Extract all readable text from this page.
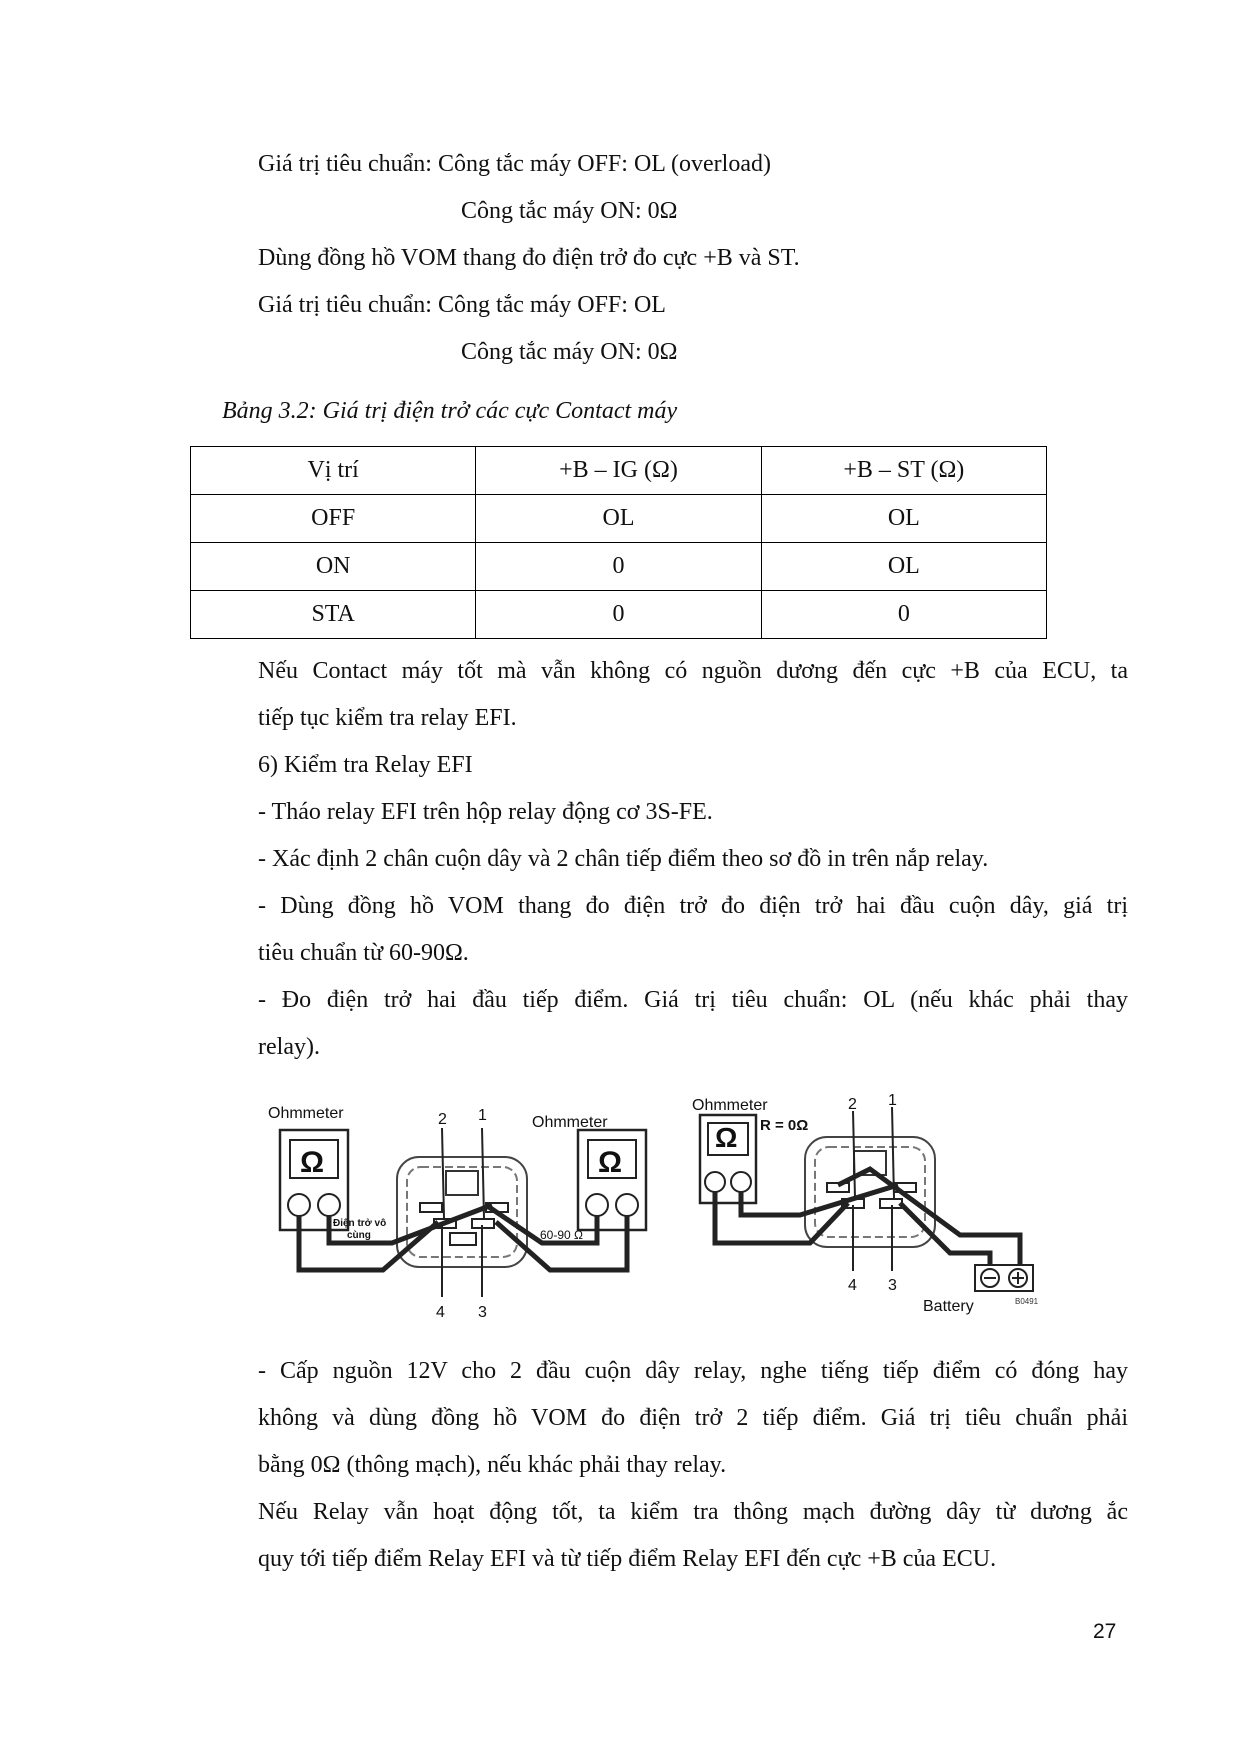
Giá trị tiêu chuẩn: Công tắc máy OFF: OL (overload)
Công tắc máy ON: 0Ω
Dùng đồng hồ VOM thang đo điện trở đo cực +B và ST.
Giá trị tiêu chuẩn: Công tắc máy OFF: OL
Công tắc máy ON: 0Ω
Bảng 3.2: Giá trị điện trở các cực Contact máy
Vị trí	+B – IG (Ω)	+B – ST (Ω)
OFF	OL	OL
ON	0	OL
STA	0	0
Nếu Contact máy tốt mà vẫn không có nguồn dương đến cực +B của ECU, ta
tiếp tục kiểm tra relay EFI.
6) Kiểm tra Relay EFI
- Tháo relay EFI trên hộp relay động cơ 3S-FE.
- Xác định 2 chân cuộn dây và 2 chân tiếp điểm theo sơ đồ in trên nắp relay.
- Dùng đồng hồ VOM thang đo điện trở đo điện trở hai đầu cuộn dây, giá trị
tiêu chuẩn từ 60-90Ω.
- Đo điện trở hai đầu tiếp điểm. Giá trị tiêu chuẩn: OL (nếu khác phải thay
relay).
Ohmmeter
Ohmmeter
Ω	Ω
2 1
4 3
Điện trở vô
cùng	60-90 Ω
Ohmmeter
Ω R = 0Ω
2 1
4 3
Battery	B0491
- Cấp nguồn 12V cho 2 đầu cuộn dây relay, nghe tiếng tiếp điểm có đóng hay
không và dùng đồng hồ VOM đo điện trở 2 tiếp điểm. Giá trị tiêu chuẩn phải
bằng 0Ω (thông mạch), nếu khác phải thay relay.
Nếu Relay vẫn hoạt động tốt, ta kiểm tra thông mạch đường dây từ dương ắc
quy tới tiếp điểm Relay EFI và từ tiếp điểm Relay EFI đến cực +B của ECU.
27
